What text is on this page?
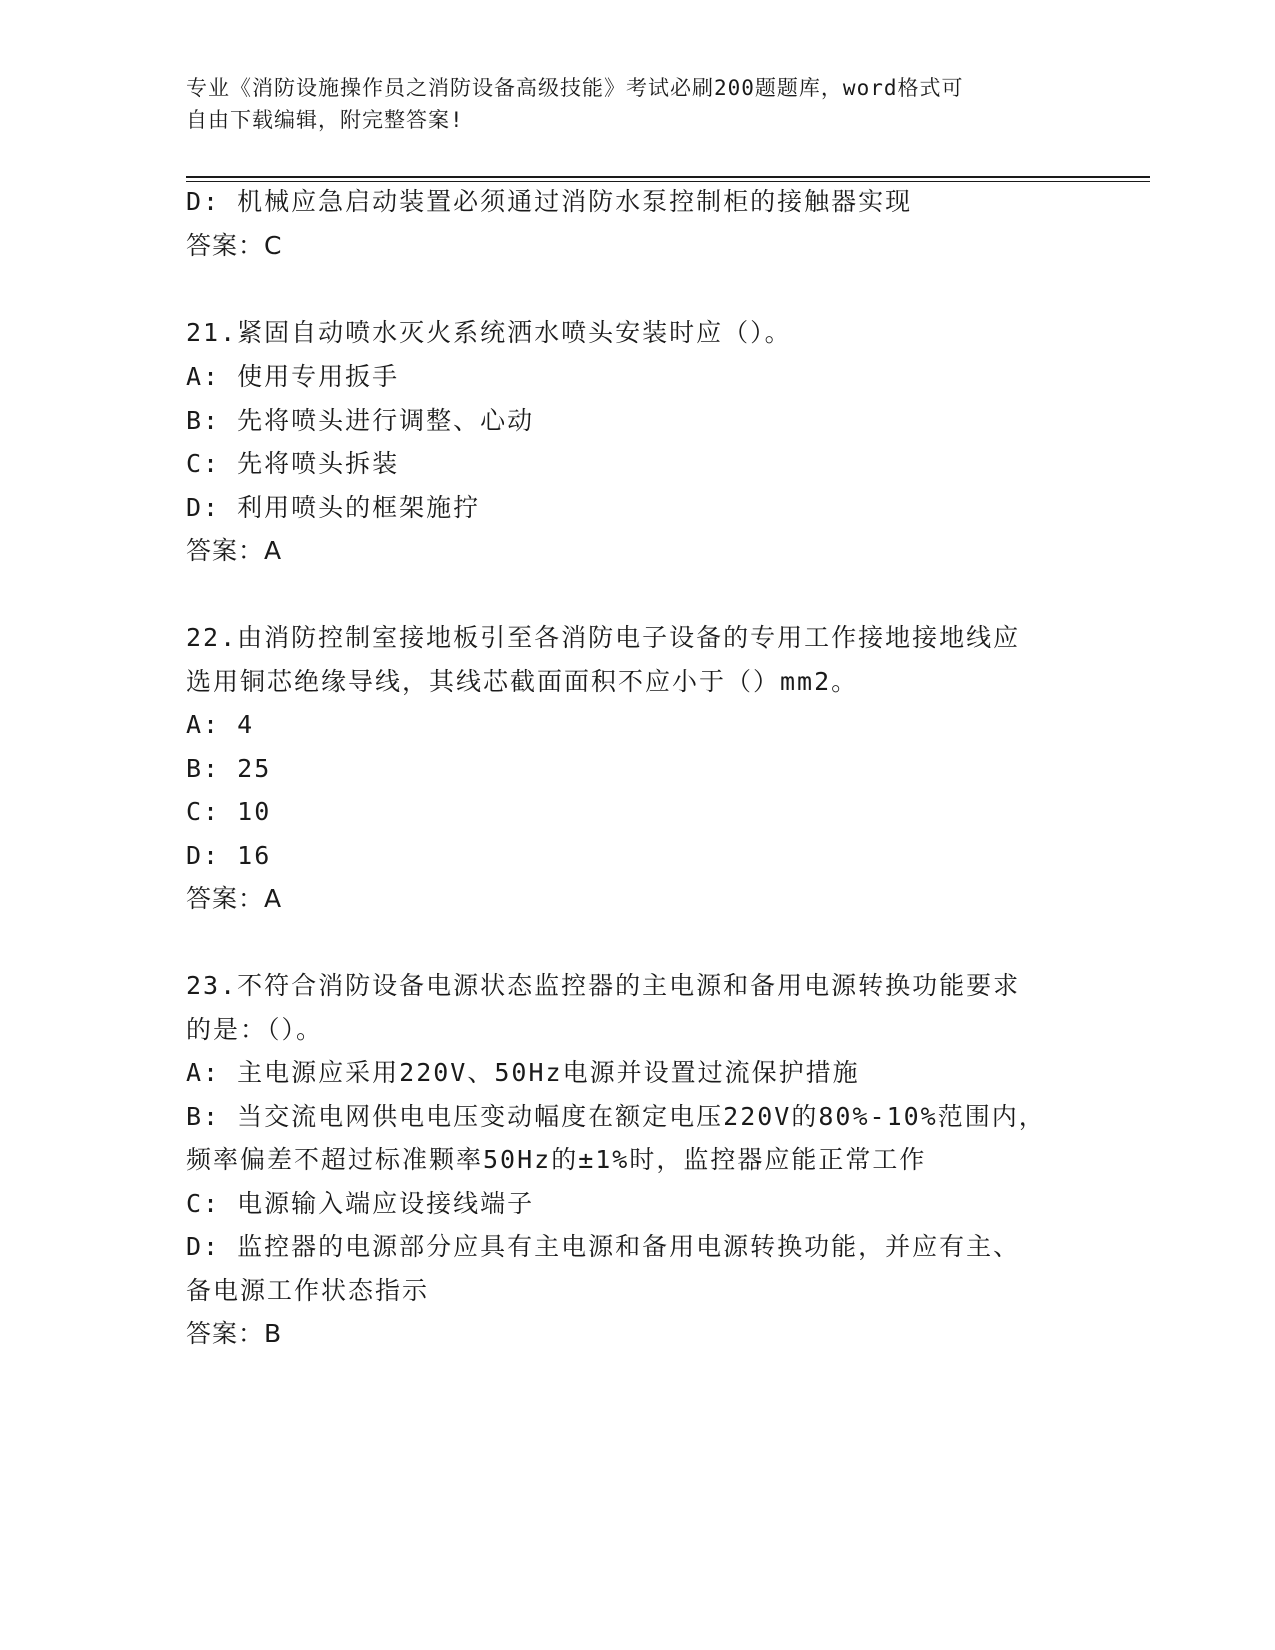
专业《消防设施操作员之消防设备高级技能》考试必刷200题题库，word格式可
自由下载编辑，附完整答案!
D: 机械应急启动装置必须通过消防水泵控制柜的接触器实现
答案：C
21.紧固自动喷水灭火系统洒水喷头安装时应（）。
A: 使用专用扳手
B: 先将喷头进行调整、心动
C: 先将喷头拆装
D: 利用喷头的框架施拧
答案：A
22.由消防控制室接地板引至各消防电子设备的专用工作接地接地线应
选用铜芯绝缘导线，其线芯截面面积不应小于（）mm2。
A: 4
B: 25
C: 10
D: 16
答案：A
23.不符合消防设备电源状态监控器的主电源和备用电源转换功能要求
的是：（）。
A: 主电源应采用220V、50Hz电源并设置过流保护措施
B: 当交流电网供电电压变动幅度在额定电压220V的80%-10%范围内，
频率偏差不超过标准颗率50Hz的±1%时，监控器应能正常工作
C: 电源输入端应设接线端子
D: 监控器的电源部分应具有主电源和备用电源转换功能，并应有主、
备电源工作状态指示
答案：B
